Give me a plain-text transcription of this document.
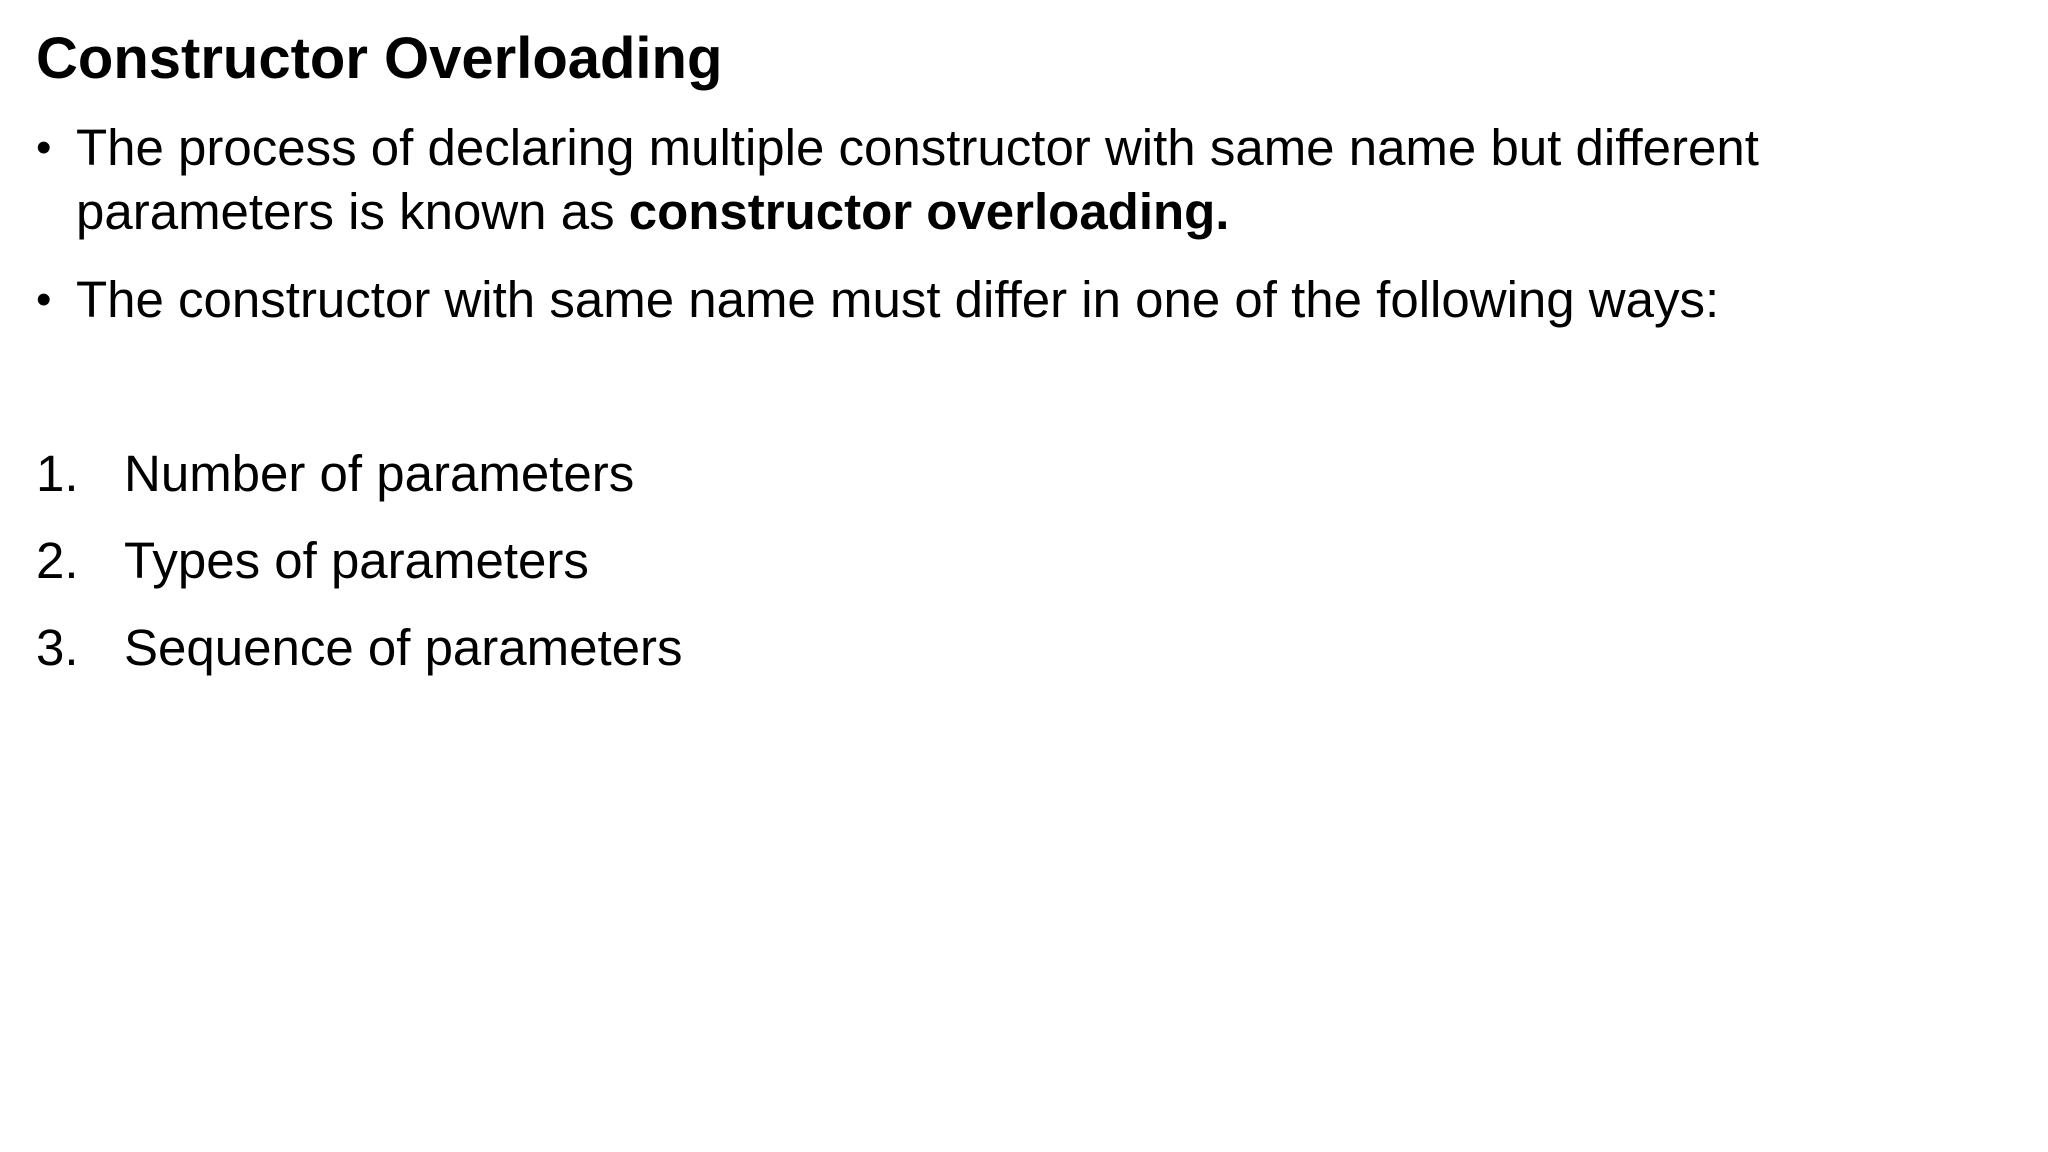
Constructor Overloading
• The process of declaring multiple constructor with same name but different parameters is known as constructor overloading.
• The constructor with same name must differ in one of the following ways:
1. Number of parameters
2. Types of parameters
3. Sequence of parameters
